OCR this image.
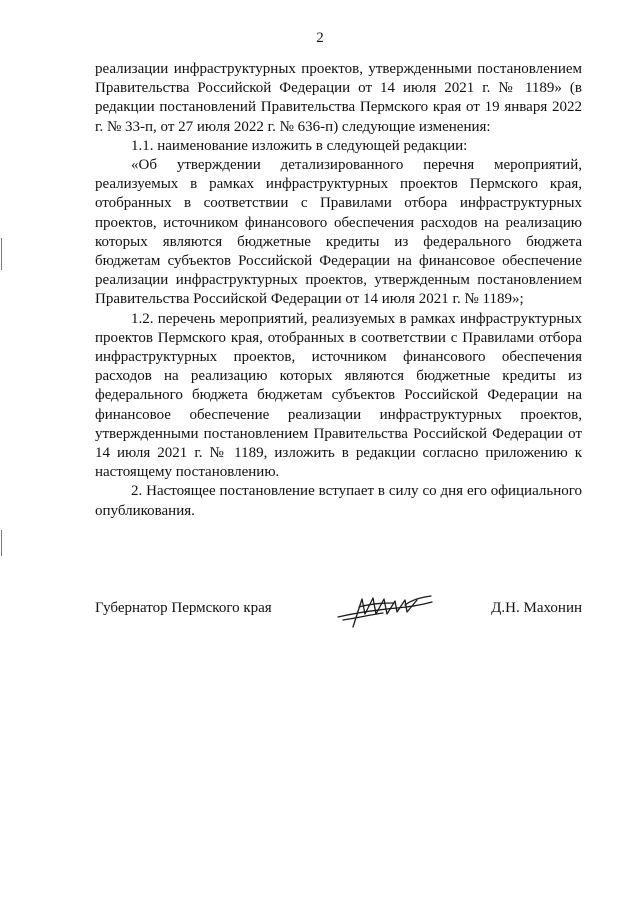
2

реализации инфраструктурных проектов, утвержденными постановлением Правительства Российской Федерации от 14 июля 2021 г. № 1189» (в редакции постановлений Правительства Пермского края от 19 января 2022 г. № 33-п, от 27 июля 2022 г. № 636-п) следующие изменения:

1.1. наименование изложить в следующей редакции:

«Об утверждении детализированного перечня мероприятий, реализуемых в рамках инфраструктурных проектов Пермского края, отобранных в соответствии с Правилами отбора инфраструктурных проектов, источником финансового обеспечения расходов на реализацию которых являются бюджетные кредиты из федерального бюджета бюджетам субъектов Российской Федерации на финансовое обеспечение реализации инфраструктурных проектов, утвержденным постановлением Правительства Российской Федерации от 14 июля 2021 г. № 1189»;

1.2. перечень мероприятий, реализуемых в рамках инфраструктурных проектов Пермского края, отобранных в соответствии с Правилами отбора инфраструктурных проектов, источником финансового обеспечения расходов на реализацию которых являются бюджетные кредиты из федерального бюджета бюджетам субъектов Российской Федерации на финансовое обеспечение реализации инфраструктурных проектов, утвержденными постановлением Правительства Российской Федерации от 14 июля 2021 г. № 1189, изложить в редакции согласно приложению к настоящему постановлению.

2. Настоящее постановление вступает в силу со дня его официального опубликования.

Губернатор Пермского края	Д.Н. Махонин
